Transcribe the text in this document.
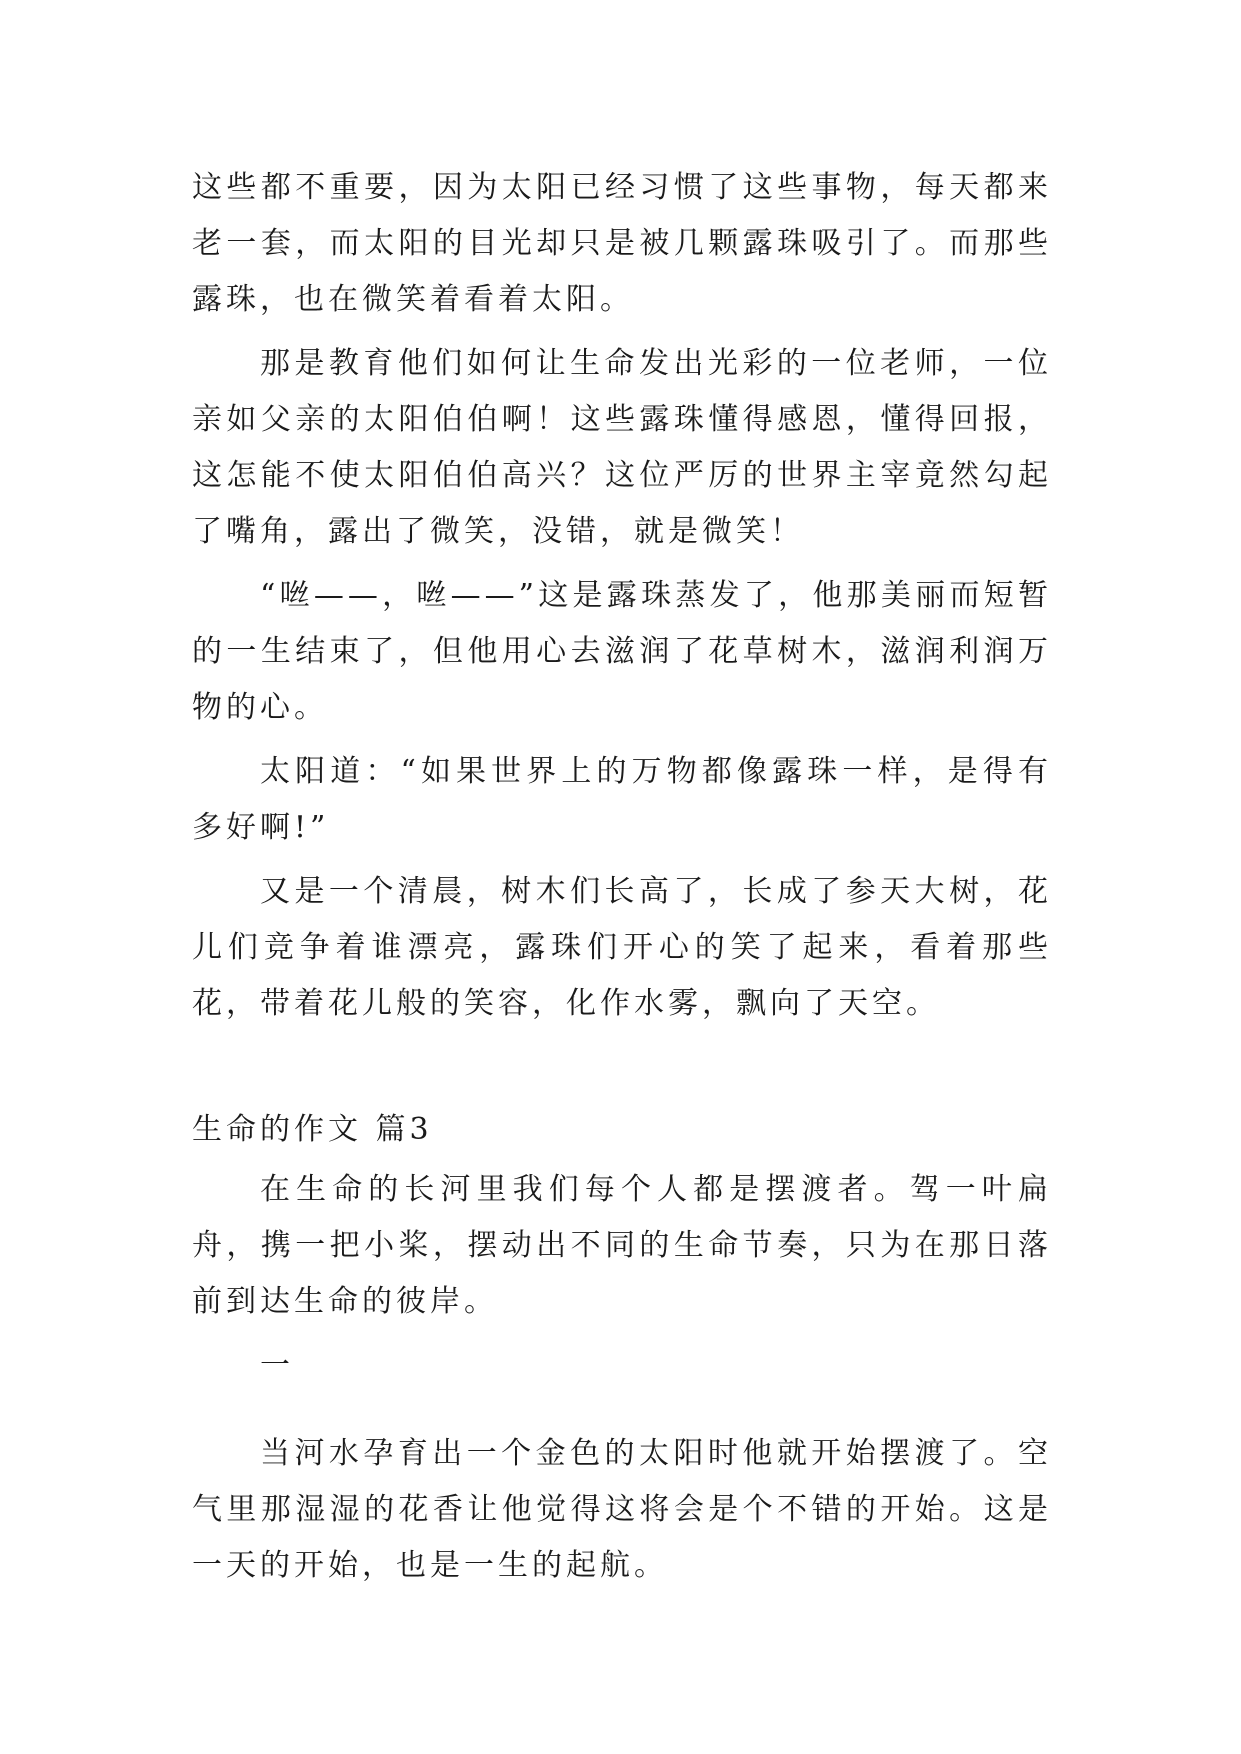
这些都不重要，因为太阳已经习惯了这些事物，每天都来老一套，而太阳的目光却只是被几颗露珠吸引了。而那些露珠，也在微笑着看着太阳。

那是教育他们如何让生命发出光彩的一位老师，一位亲如父亲的太阳伯伯啊！这些露珠懂得感恩，懂得回报，这怎能不使太阳伯伯高兴？这位严厉的世界主宰竟然勾起了嘴角，露出了微笑，没错，就是微笑！

“咝——，咝——”这是露珠蒸发了，他那美丽而短暂的一生结束了，但他用心去滋润了花草树木，滋润利润万物的心。

太阳道：“如果世界上的万物都像露珠一样，是得有多好啊!”

又是一个清晨，树木们长高了，长成了参天大树，花儿们竞争着谁漂亮，露珠们开心的笑了起来，看着那些花，带着花儿般的笑容，化作水雾，飘向了天空。

生命的作文 篇3

在生命的长河里我们每个人都是摆渡者。驾一叶扁舟，携一把小桨，摆动出不同的生命节奏，只为在那日落前到达生命的彼岸。

一

当河水孕育出一个金色的太阳时他就开始摆渡了。空气里那湿湿的花香让他觉得这将会是个不错的开始。这是一天的开始，也是一生的起航。
